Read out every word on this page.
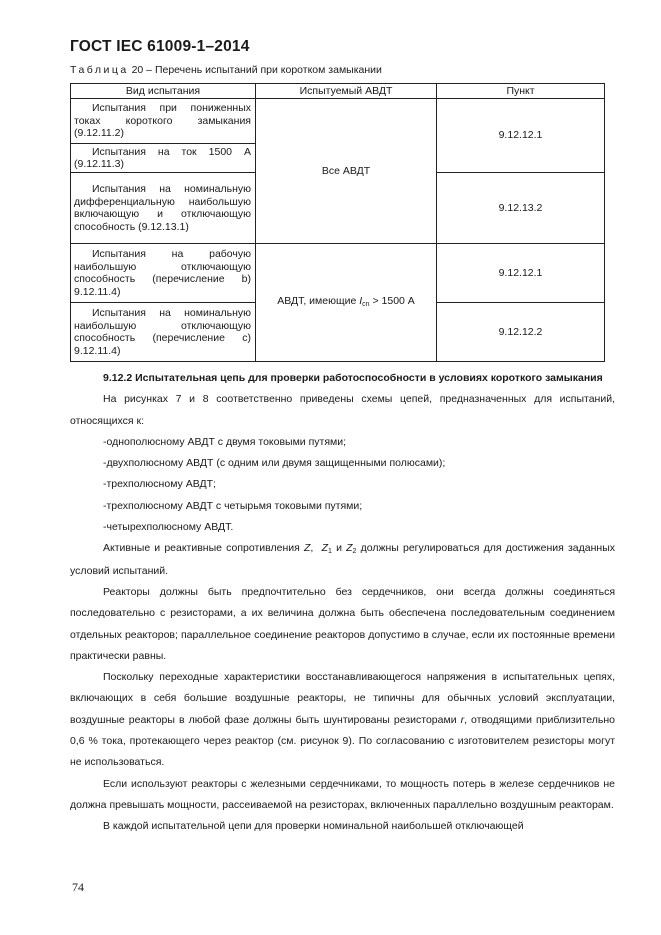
ГОСТ IEC 61009-1–2014
Таблица 20 – Перечень испытаний при коротком замыкании
Вид испытания	Испытуемый АВДТ	Пункт
Испытания при пониженных токах короткого замыкания (9.12.11.2)	Все АВДТ	9.12.12.1
Испытания на ток 1500 А (9.12.11.3)		
Испытания на номинальную дифференциальную наибольшую включающую и отключающую способность (9.12.13.1)		9.12.13.2
Испытания на рабочую наибольшую отключающую способность (перечисление b) 9.12.11.4)	АВДТ, имеющие Icn > 1500 А	9.12.12.1
Испытания на номинальную наибольшую отключающую способность (перечисление с) 9.12.11.4)		9.12.12.2

9.12.2 Испытательная цепь для проверки работоспособности в условиях короткого замыкания

На рисунках 7 и 8 соответственно приведены схемы цепей, предназначенных для испытаний, относящихся к:

-однополюсному АВДТ с двумя токовыми путями;

-двухполюсному АВДТ (с одним или двумя защищенными полюсами);

-трехполюсному АВДТ;

-трехполюсному АВДТ с четырьмя токовыми путями;

-четырехполюсному АВДТ.

Активные и реактивные сопротивления Z,  Z1 и Z2 должны регулироваться для достижения заданных условий испытаний.

Реакторы должны быть предпочтительно без сердечников, они всегда должны соединяться последовательно с резисторами, а их величина должна быть обеспечена последовательным соединением отдельных реакторов; параллельное соединение реакторов допустимо в случае, если их постоянные времени практически равны.

Поскольку переходные характеристики восстанавливающегося напряжения в испытательных цепях, включающих в себя большие воздушные реакторы, не типичны для обычных условий эксплуатации, воздушные реакторы в любой фазе должны быть шунтированы резисторами r, отводящими приблизительно 0,6 % тока, протекающего через реактор (см. рисунок 9). По согласованию с изготовителем резисторы могут не использоваться.

Если используют реакторы с железными сердечниками, то мощность потерь в железе сердечников не должна превышать мощности, рассеиваемой на резисторах, включенных параллельно воздушным реакторам.

В каждой испытательной цепи для проверки номинальной наибольшей отключающей

74
